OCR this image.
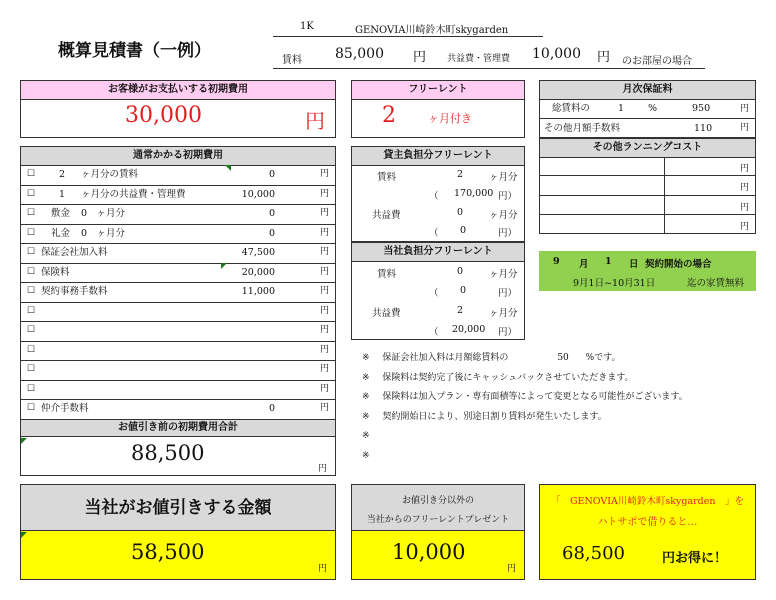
概算見積書（一例）
1K	GENOVIA川崎鈴木町skygarden
賃料 85,000 円 共益費・管理費 10,000 円 のお部屋の場合
お客様がお支払いする初期費用
30,000	円
フリーレント
2	ヶ月付き
月次保証料
総賃料の	1	%	950	円
その他月額手数料	110	円
その他ランニングコスト
円
円
円
円
通常かかる初期費用
☐	2 ヶ月分の賃料	0	円
☐	1 ヶ月分の共益費・管理費	10,000	円
☐ 敷金 0　ヶ月分	0	円
☐ 礼金 0　ヶ月分	0	円
☐ 保証会社加入料	47,500	円
☐ 保険料	20,000	円
☐ 契約事務手数料	11,000	円
☐	円
☐	円
☐	円
☐	円
☐	円
☐ 仲介手数料	0	円
お値引き前の初期費用合計
88,500
円
貸主負担分フリーレント
賃料	2	ヶ月分
（ 170,000 円）
共益費	0	ヶ月分
（ 0	円）
当社負担分フリーレント
賃料	0	ヶ月分
（ 0	円）
共益費	2	ヶ月分
（ 20,000 円）
9 月 1 日 契約開始の場合
9月1日~10月31日	迄の家賃無料
※ 保証会社加入料は月額総賃料の	50 %です。
※ 保険料は契約完了後にキャッシュバックさせていただきます。
※ 保険料は加入プラン・専有面積等によって変更となる可能性がございます。
※ 契約開始日により、別途日割り賃料が発生いたします。
※
※
当社がお値引きする金額
58,500
円
お値引き分以外の
当社からのフリーレントプレゼント
10,000
円
「　GENOVIA川崎鈴木町skygarden　」を
ハトサポで借りると…
68,500	円お得に！
